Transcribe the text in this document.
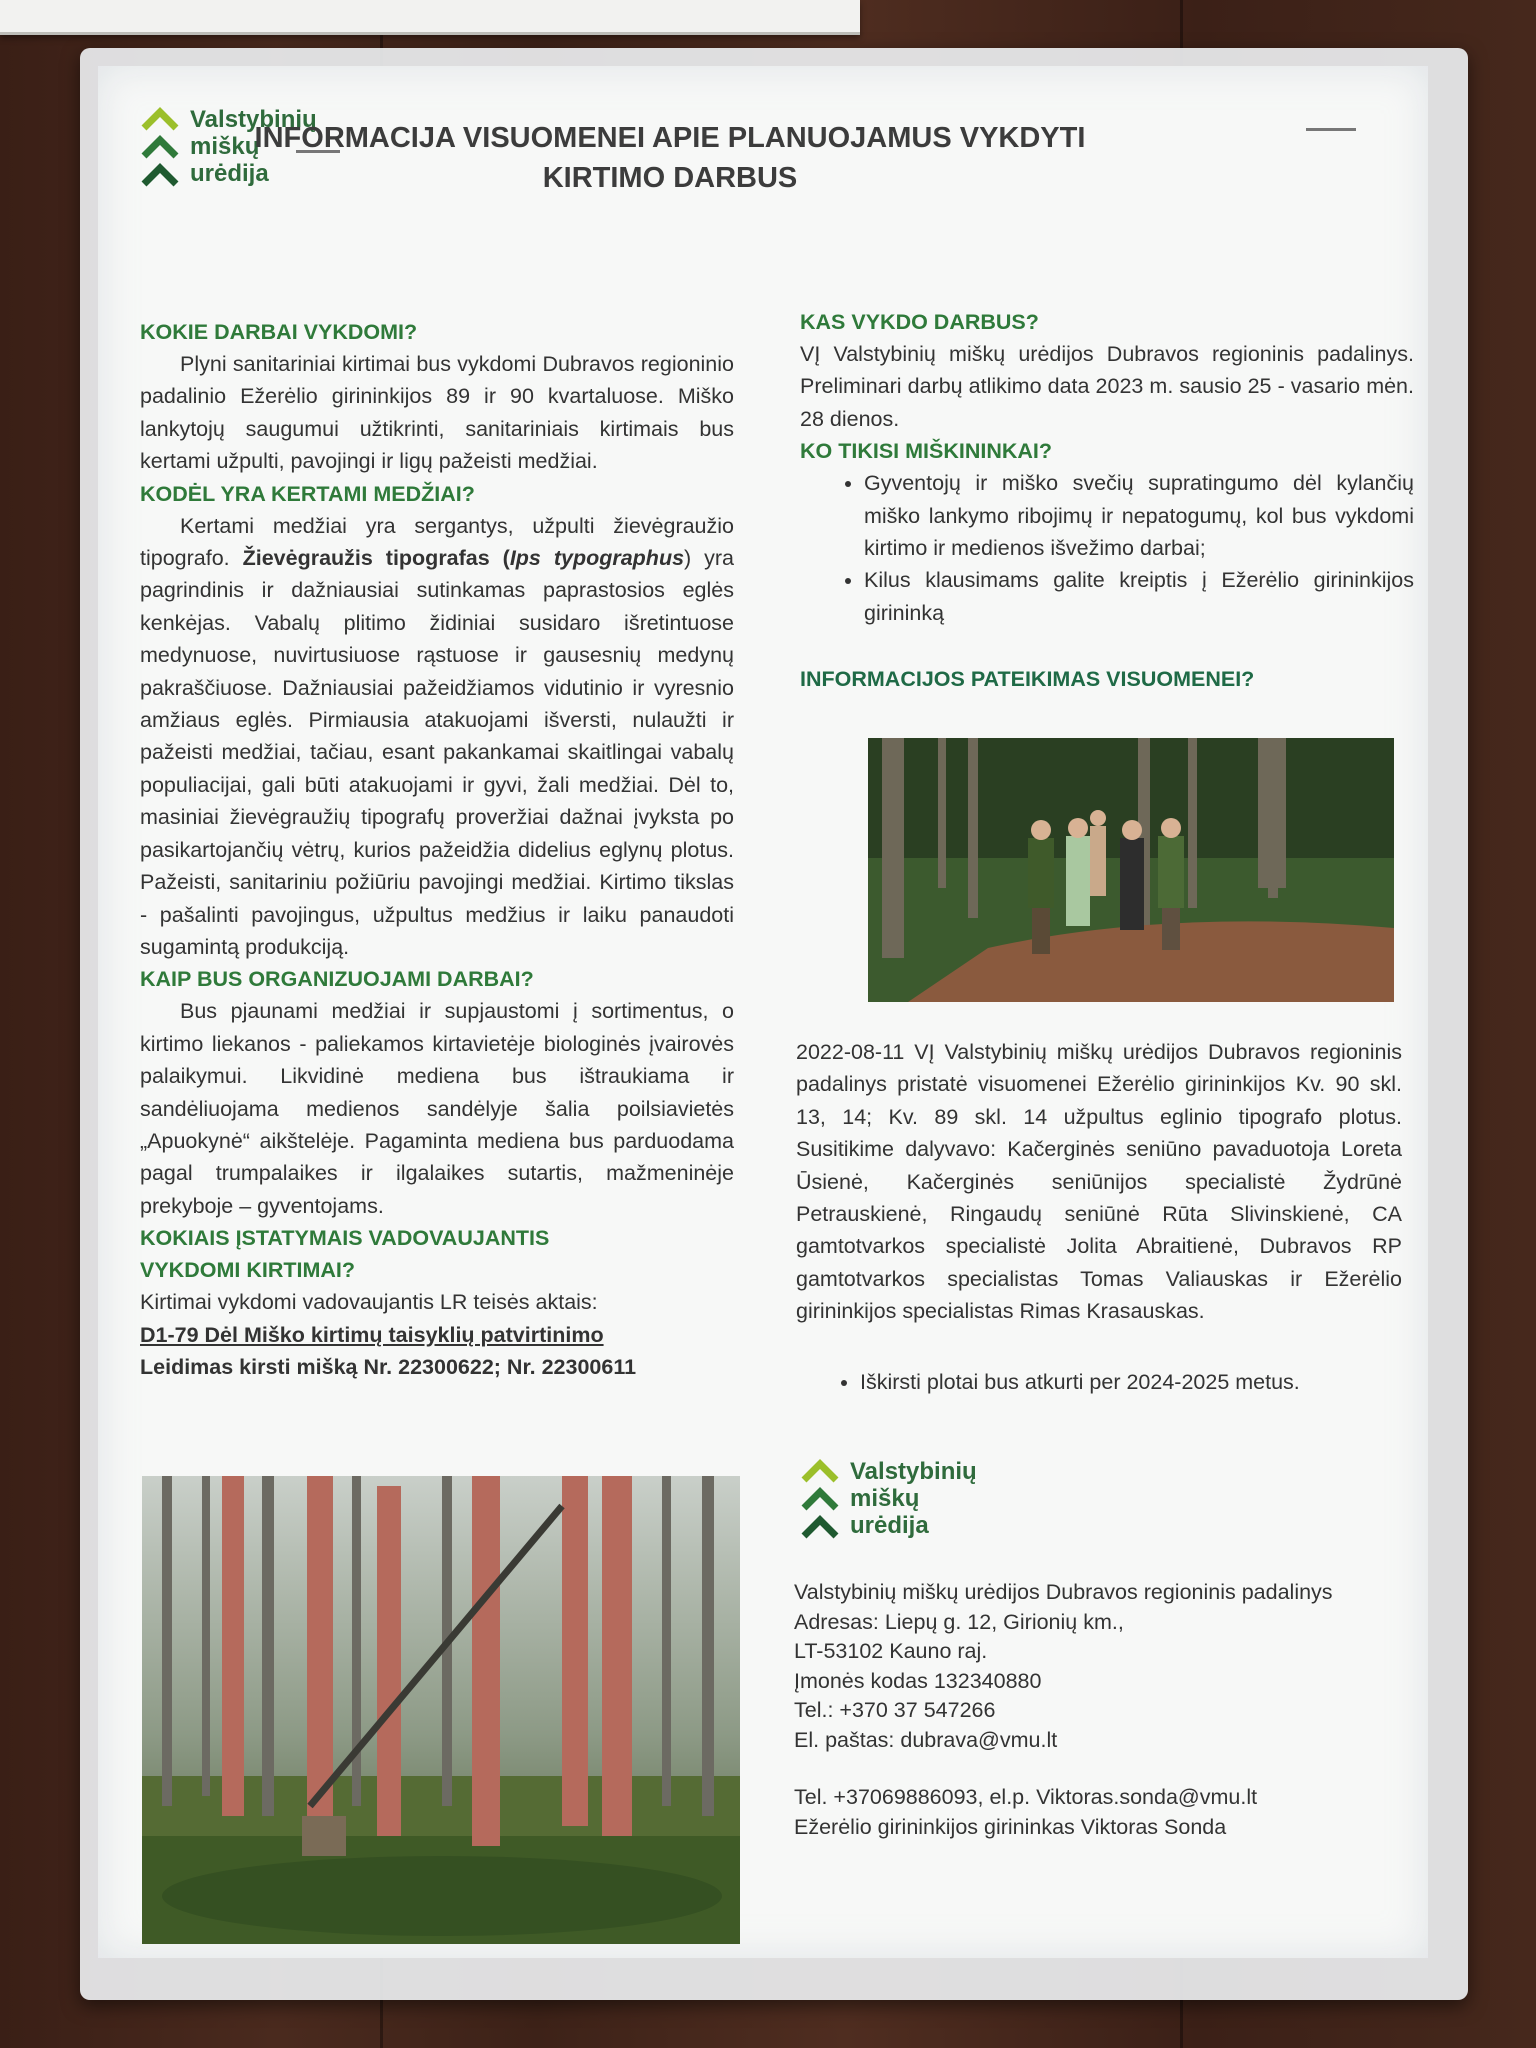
Valstybinių
miškų
urėdija
INFORMACIJA VISUOMENEI APIE PLANUOJAMUS VYKDYTI
KIRTIMO DARBUS

KOKIE DARBAI VYKDOMI?

Plyni sanitariniai kirtimai bus vykdomi Dubravos regioninio padalinio Ežerėlio girininkijos 89 ir 90 kvartaluose. Miško lankytojų saugumui užtikrinti, sanitariniais kirtimais bus kertami užpulti, pavojingi ir ligų pažeisti medžiai.

KODĖL YRA KERTAMI MEDŽIAI?

Kertami medžiai yra sergantys, užpulti žievėgraužio tipografo. Žievėgraužis tipografas (Ips typographus) yra pagrindinis ir dažniausiai sutinkamas paprastosios eglės kenkėjas. Vabalų plitimo židiniai susidaro išretintuose medynuose, nuvirtusiuose rąstuose ir gausesnių medynų pakraščiuose. Dažniausiai pažeidžiamos vidutinio ir vyresnio amžiaus eglės. Pirmiausia atakuojami išversti, nulaužti ir pažeisti medžiai, tačiau, esant pakankamai skaitlingai vabalų populiacijai, gali būti atakuojami ir gyvi, žali medžiai. Dėl to, masiniai žievėgraužių tipografų proveržiai dažnai įvyksta po pasikartojančių vėtrų, kurios pažeidžia didelius eglynų plotus. Pažeisti, sanitariniu požiūriu pavojingi medžiai. Kirtimo tikslas - pašalinti pavojingus, užpultus medžius ir laiku panaudoti sugamintą produkciją.

KAIP BUS ORGANIZUOJAMI DARBAI?

Bus pjaunami medžiai ir supjaustomi į sortimentus, o kirtimo liekanos - paliekamos kirtavietėje biologinės įvairovės palaikymui. Likvidinė mediena bus ištraukiama ir sandėliuojama medienos sandėlyje šalia poilsiavietės „Apuokynė“ aikštelėje. Pagaminta mediena bus parduodama pagal trumpalaikes ir ilgalaikes sutartis, mažmeninėje prekyboje – gyventojams.

KOKIAIS ĮSTATYMAIS VADOVAUJANTIS

VYKDOMI KIRTIMAI?

Kirtimai vykdomi vadovaujantis LR teisės aktais:

D1-79 Dėl Miško kirtimų taisyklių patvirtinimo

Leidimas kirsti mišką Nr. 22300622; Nr. 22300611

KAS VYKDO DARBUS?

VĮ Valstybinių miškų urėdijos Dubravos regioninis padalinys. Preliminari darbų atlikimo data 2023 m. sausio 25 - vasario mėn. 28 dienos.

KO TIKISI MIŠKININKAI?

• Gyventojų ir miško svečių supratingumo dėl kylančių miško lankymo ribojimų ir nepatogumų, kol bus vykdomi kirtimo ir medienos išvežimo darbai;
• Kilus klausimams galite kreiptis į Ežerėlio girininkijos girininką

INFORMACIJOS PATEIKIMAS VISUOMENEI?

2022-08-11 VĮ Valstybinių miškų urėdijos Dubravos regioninis padalinys pristatė visuomenei Ežerėlio girininkijos Kv. 90 skl. 13, 14; Kv. 89 skl. 14 užpultus eglinio tipografo plotus. Susitikime dalyvavo: Kačerginės seniūno pavaduotoja Loreta Ūsienė, Kačerginės seniūnijos specialistė Žydrūnė Petrauskienė, Ringaudų seniūnė Rūta Slivinskienė, CA gamtotvarkos specialistė Jolita Abraitienė, Dubravos RP gamtotvarkos specialistas Tomas Valiauskas ir Ežerėlio girininkijos specialistas Rimas Krasauskas.

• Iškirsti plotai bus atkurti per 2024-2025 metus.
Valstybinių
miškų
urėdija

Valstybinių miškų urėdijos Dubravos regioninis padalinys

Adresas: Liepų g. 12, Girionių km.,

LT-53102 Kauno raj.

Įmonės kodas 132340880

Tel.: +370 37 547266

El. paštas: dubrava@vmu.lt

Tel. +37069886093, el.p. Viktoras.sonda@vmu.lt

Ežerėlio girininkijos girininkas Viktoras Sonda
